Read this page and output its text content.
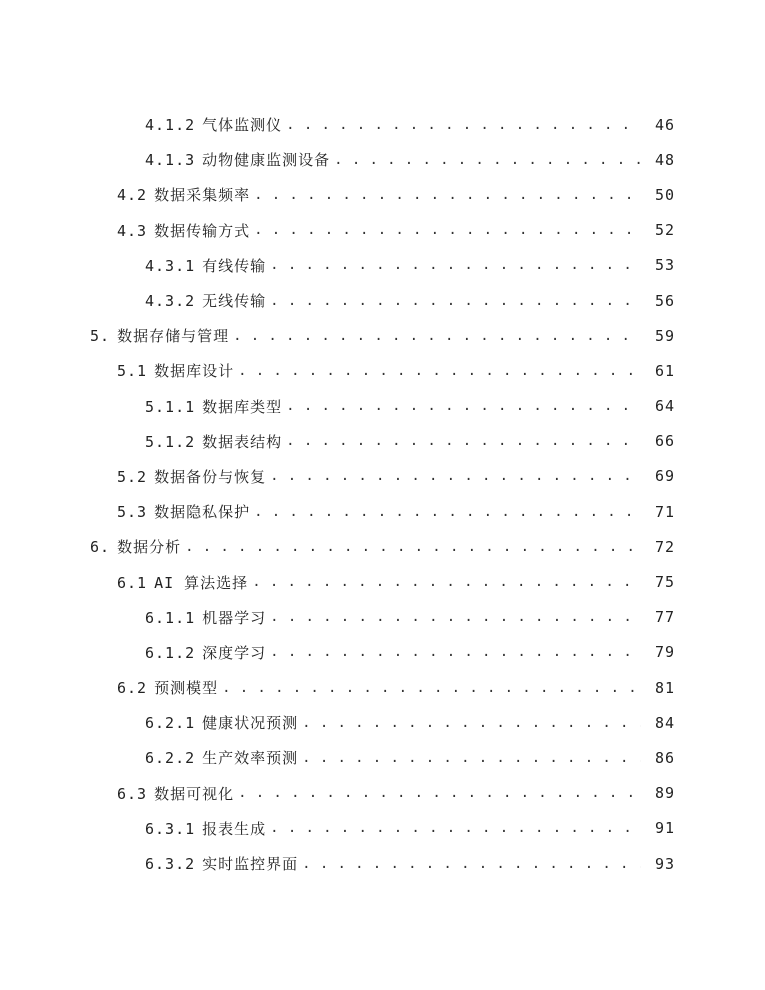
4.1.2 气体监测仪 . . .	46
4.1.3 动物健康监测设备 . . .	48
4.2 数据采集频率 . . .	50
4.3 数据传输方式 . . .	52
4.3.1 有线传输 . . .	53
4.3.2 无线传输 . . .	56
5. 数据存储与管理 . . .	59
5.1 数据库设计 . . .	61
5.1.1 数据库类型 . . .	64
5.1.2 数据表结构 . . .	66
5.2 数据备份与恢复 . . .	69
5.3 数据隐私保护 . . .	71
6. 数据分析 . . .	72
6.1 AI 算法选择 . . .	75
6.1.1 机器学习 . . .	77
6.1.2 深度学习 . . .	79
6.2 预测模型 . . .	81
6.2.1 健康状况预测 . . .	84
6.2.2 生产效率预测 . . .	86
6.3 数据可视化 . . .	89
6.3.1 报表生成 . . .	91
6.3.2 实时监控界面 . . .	93
